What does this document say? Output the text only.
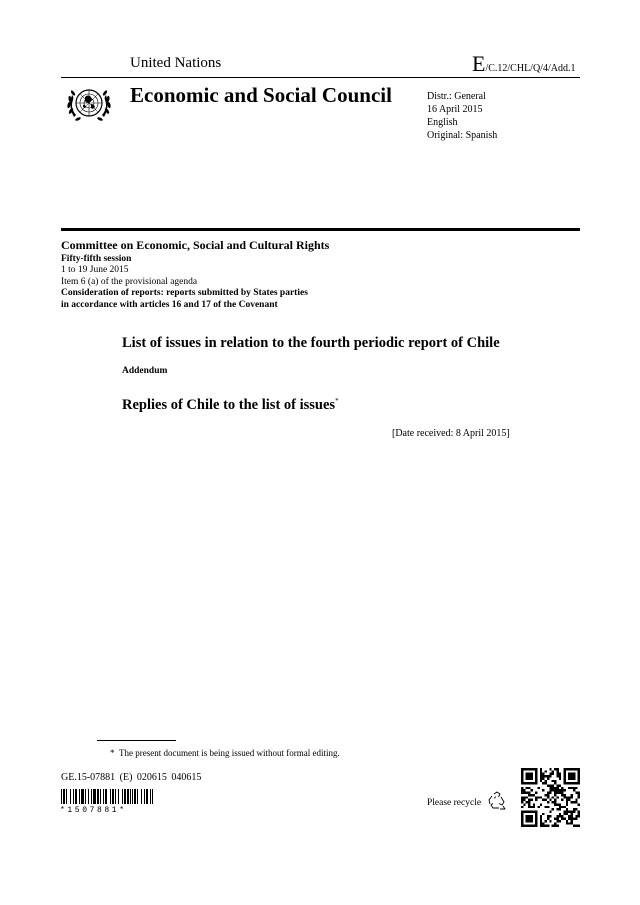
United Nations	E/C.12/CHL/Q/4/Add.1
Economic and Social Council	Distr.: General
16 April 2015
English
Original: Spanish
Committee on Economic, Social and Cultural Rights
Fifty-fifth session
1 to 19 June 2015
Item 6 (a) of the provisional agenda
Consideration of reports: reports submitted by States parties
in accordance with articles 16 and 17 of the Covenant
List of issues in relation to the fourth periodic report of Chile
Addendum
Replies of Chile to the list of issues*
[Date received: 8 April 2015]
* The present document is being issued without formal editing.
GE.15-07881 (E) 020615 040615
*1507881*
Please recycle
